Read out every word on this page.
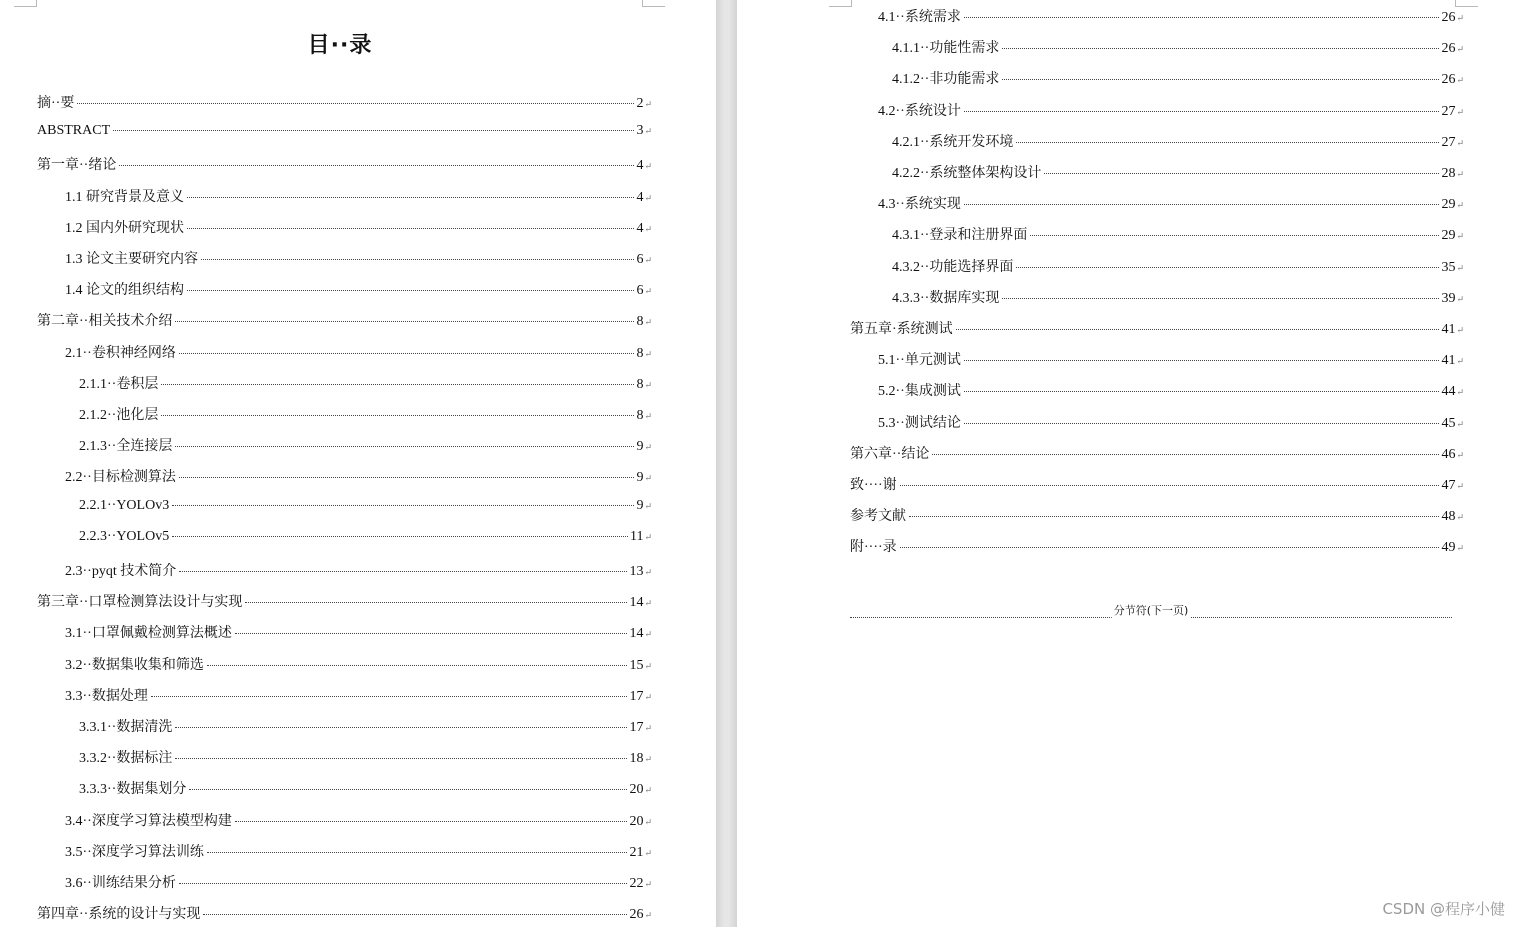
目··录
摘··要	2 ↵
ABSTRACT	3 ↵
第一章··绪论	4 ↵
1.1 研究背景及意义	4 ↵
1.2 国内外研究现状	4 ↵
1.3 论文主要研究内容	6 ↵
1.4 论文的组织结构	6 ↵
第二章··相关技术介绍	8 ↵
2.1··卷积神经网络	8 ↵
2.1.1··卷积层	8 ↵
2.1.2··池化层	8 ↵
2.1.3··全连接层	9 ↵
2.2··目标检测算法	9 ↵
2.2.1··YOLOv3	9 ↵
2.2.3··YOLOv5	11 ↵
2.3··pyqt 技术简介	13 ↵
第三章··口罩检测算法设计与实现	14 ↵
3.1··口罩佩戴检测算法概述	14 ↵
3.2··数据集收集和筛选	15 ↵
3.3··数据处理	17 ↵
3.3.1··数据清洗	17 ↵
3.3.2··数据标注	18 ↵
3.3.3··数据集划分	20 ↵
3.4··深度学习算法模型构建	20 ↵
3.5··深度学习算法训练	21 ↵
3.6··训练结果分析	22 ↵
第四章··系统的设计与实现	26 ↵
4.1··系统需求	26 ↵
4.1.1··功能性需求	26 ↵
4.1.2··非功能需求	26 ↵
4.2··系统设计	27 ↵
4.2.1··系统开发环境	27 ↵
4.2.2··系统整体架构设计	28 ↵
4.3··系统实现	29 ↵
4.3.1··登录和注册界面	29 ↵
4.3.2··功能选择界面	35 ↵
4.3.3··数据库实现	39 ↵
第五章·系统测试	41 ↵
5.1··单元测试	41 ↵
5.2··集成测试	44 ↵
5.3··测试结论	45 ↵
第六章··结论	46 ↵
致····谢	47 ↵
参考文献	48 ↵
附····录	49 ↵
分节符(下一页)
CSDN @程序小健
